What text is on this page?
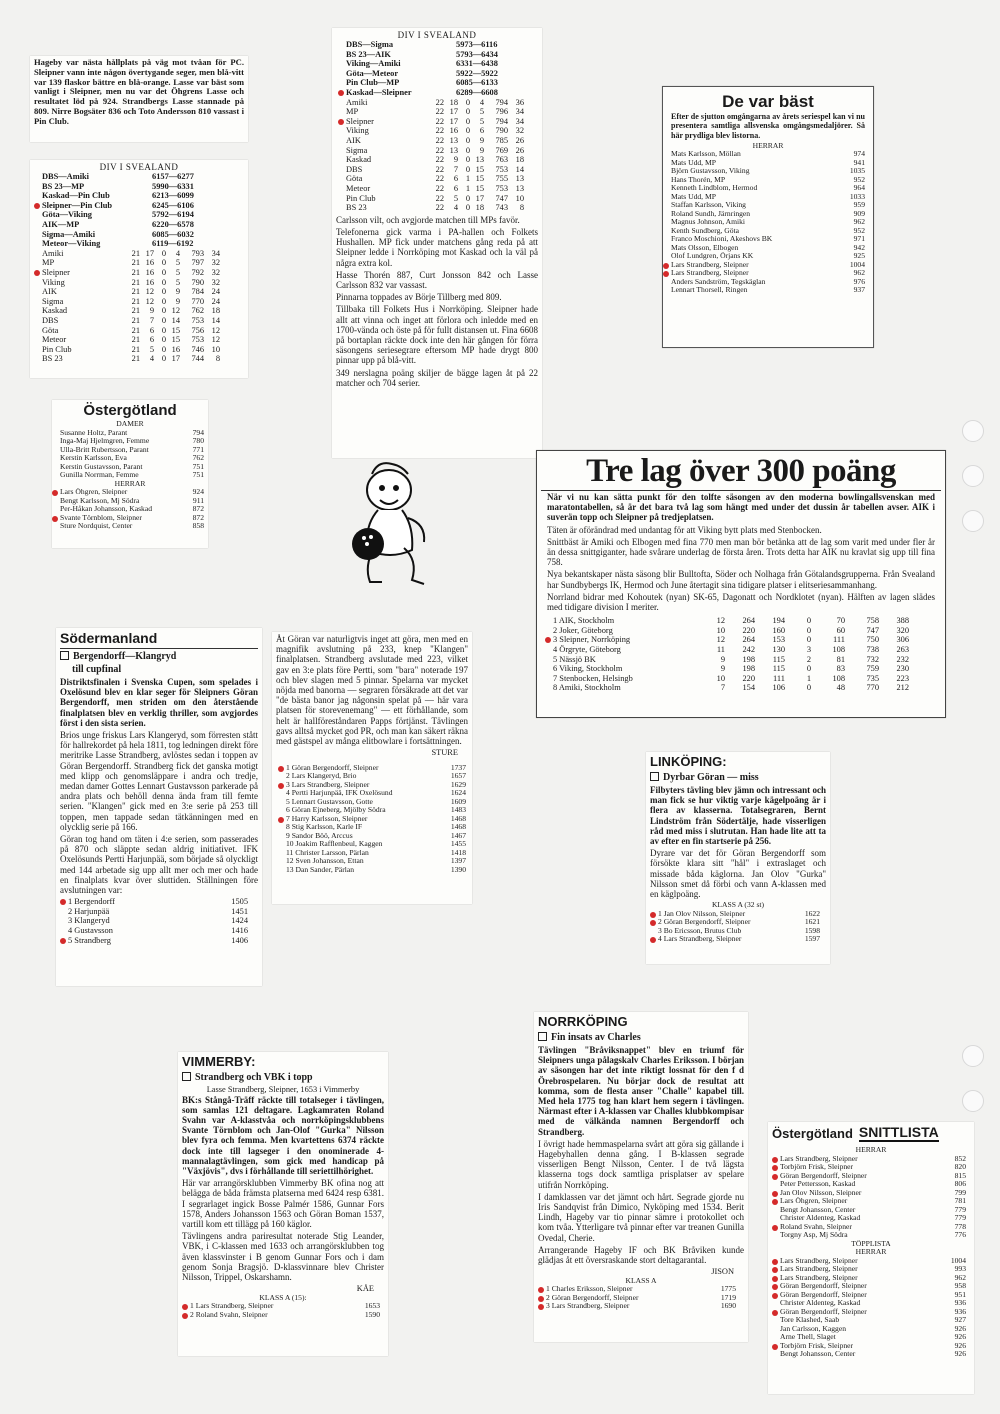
Hageby var nästa hållplats på väg mot tvåan för PC. Sleipner vann inte någon övertygande seger, men blå-vitt var 139 flaskor bättre en blå-orange. Lasse var bäst som vanligt i Sleipner, men nu var det Öhgrens Lasse och resultatet löd på 924. Strandbergs Lasse stannade på 809. Nirre Bogsäter 836 och Toto Andersson 810 vassast i Pin Club.

DIV I SVEALAND
DBS—Amiki	6157—6277
BS 23—MP	5990—6331
Kaskad—Pin Club	6213—6099
Sleipner—Pin Club	6245—6106
Göta—Viking	5792—6194
AIK—MP	6220—6578
Sigma—Amiki	6085—6032
Meteor—Viking	6119—6192
Amiki	21 17 0	4	793 34
MP	21 16 0	5	797 32
Sleipner	21 16 0	5	792 32
Viking	21 16 0	5	790 32
AIK	21 12 0	9	784 24
Sigma	21 12 0	9	770 24
Kaskad	21	9 0 12	762 18
DBS	21	7 0 14	753 14
Göta	21	6 0 15	756 12
Meteor	21	6 0 15	753 12
Pin Club	21	5 0 16	746 10
BS 23	21	4 0 17	744	8
DIV I SVEALAND
DBS—Sigma	5973—6116
BS 23—AIK	5793—6434
Viking—Amiki	6331—6438
Göta—Meteor	5922—5922
Pin Club—MP	6085—6133
Kaskad—Sleipner	6289—6608
Amiki	22 18 0	4	794 36
MP	22 17 0	5	796 34
Sleipner	22 17 0	5	794 34
Viking	22 16 0	6	790 32
AIK	22 13 0	9	785 26
Sigma	22 13 0	9	769 26
Kaskad	22	9 0 13	763 18
DBS	22	7 0 15	753 14
Göta	22	6 1 15	755 13
Meteor	22	6 1 15	753 13
Pin Club	22	5 0 17	747 10
BS 23	22	4 0 18	743	8

Carlsson vilt, och avgjorde matchen till MPs favör.

Telefonerna gick varma i PA-hallen och Folkets Hushallen. MP fick under matchens gång reda på att Sleipner ledde i Norrköping mot Kaskad och la väl på några extra kol.

Hasse Thorén 887, Curt Jonsson 842 och Lasse Carlsson 832 var vassast.

Pinnarna toppades av Börje Tillberg med 809.

Tillbaka till Folkets Hus i Norrköping. Sleipner hade allt att vinna och inget att förlora och inledde med en 1700-vända och öste på för fullt distansen ut. Fina 6608 på bortaplan räckte dock inte den här gången för förra säsongens seriesegrare eftersom MP hade drygt 800 pinnar upp på blå-vitt.

349 nerslagna poäng skiljer de bägge lagen åt på 22 matcher och 704 serier.

De var bäst

Efter de sjutton omgångarna av årets seriespel kan vi nu presentera samtliga allsvenska omgångsmedaljörer. Så här prydliga blev listorna.

HERRAR
Mats Karlsson, Möllan	974
Mats Udd, MP	941
Björn Gustavsson, Viking	1035
Hans Thorén, MP	952
Kenneth Lindblom, Hermod	964
Mats Udd, MP	1033
Staffan Karlsson, Viking	959
Roland Sundh, Järnringen	909
Magnus Johnson, Amiki	962
Kenth Sundberg, Göta	952
Franco Moschioni, Akeshovs BK	971
Mats Olsson, Elbogen	942
Olof Lundgren, Örjans KK	925
Lars Strandberg, Sleipner	1004
Lars Strandberg, Sleipner	962
Anders Sandström, Tegskäglan	976
Lennart Thorsell, Ringen	937
Östergötland
DAMER
Susanne Holtz, Parant	794
Inga-Maj Hjelmgren, Femme	780
Ulla-Britt Rubertsson, Parant	771
Kerstin Karlsson, Eva	762
Kerstin Gustavsson, Parant	751
Gunilla Norrman, Femme	751
HERRAR
Lars Öhgren, Sleipner	924
Bengt Karlsson, Mj Södra	911
Per-Håkan Johansson, Kaskad	872
Svante Törnblom, Sleipner	872
Sture Nordquist, Center	858
Tre lag över 300 poäng

När vi nu kan sätta punkt för den tolfte säsongen av den moderna bowlingallsvenskan med maratontabellen, så är det bara två lag som hängt med under det dussin år tabellen avser. AIK i suverän topp och Sleipner på tredjeplatsen.

Täten är oförändrad med undantag för att Viking bytt plats med Stenbocken.

Snittbäst är Amiki och Elbogen med fina 770 men man bör betänka att de lag som varit med under fler år än dessa snittgiganter, hade svårare underlag de första åren. Trots detta har AIK nu kravlat sig upp till fina 758.

Nya bekantskaper nästa säsong blir Bulltofta, Söder och Nolhaga från Götalandsgrupperna. Från Svealand har Sundbybergs IK, Hermod och June återtagit sina tidigare platser i elitseriesammanhang.

Norrland bidrar med Kohoutek (nyan) SK-65, Dagonatt och Nordklotet (nyan). Hälften av lagen slädes med tidigare division I meriter.

1 AIK, Stockholm	12	264	194	0	70	758	388
2 Joker, Göteborg	10	220	160	0	60	747	320
3 Sleipner, Norrköping	12	264	153	0	111	750	306
4 Örgryte, Göteborg	11	242	130	3	108	738	263
5 Nässjö BK	9	198	115	2	81	732	232
6 Viking, Stockholm	9	198	115	0	83	759	230
7 Stenbocken, Helsingb	10	220	111	1	108	735	223
8 Amiki, Stockholm	7	154	106	0	48	770	212
Södermanland
Bergendorff—Klangryd
till cupfinal

Distriktsfinalen i Svenska Cupen, som spelades i Oxelösund blev en klar seger för Sleipners Göran Bergendorff, men striden om den återstående finalplatsen blev en verklig thriller, som avgjordes först i den sista serien.

Brios unge friskus Lars Klangeryd, som förresten stått för hallrekordet på hela 1811, tog ledningen direkt före meritrike Lasse Strandberg, avlöstes sedan i toppen av Göran Bergendorff. Strandberg fick det ganska motigt med klipp och genomsläppare i andra och tredje, medan damer Gottes Lennart Gustavsson parkerade på andra plats och behöll denna ända fram till femte serien. "Klangen" gick med en 3:e serie på 253 till toppen, men tappade sedan tätkänningen med en olycklig serie på 166.

Göran tog hand om täten i 4:e serien, som passerades på 870 och släppte sedan aldrig initiativet. IFK Oxelösunds Pertti Harjunpää, som började så olyckligt med 144 arbetade sig upp allt mer och mer och hade en finalplats kvar över sluttiden. Ställningen före avslutningen var:

1 Bergendorff	1505
2 Harjunpää	1451
3 Klangeryd	1424
4 Gustavsson	1416
5 Strandberg	1406

Åt Göran var naturligtvis inget att göra, men med en magnifik avslutning på 233, knep "Klangen" finalplatsen. Strandberg avslutade med 223, vilket gav en 3:e plats före Pertti, som "bara" noterade 197 och blev slagen med 5 pinnar. Spelarna var mycket nöjda med banorna — segraren försäkrade att det var "de bästa banor jag någonsin spelat på — här vara platsen för storevenemang" — ett förhållande, som helt är hallföreståndaren Papps förtjänst. Tävlingen gavs alltså mycket god PR, och man kan säkert räkna med gästspel av många elitbowlare i fortsättningen.

STURE
1 Göran Bergendorff, Sleipner	1737
2 Lars Klangeryd, Brio	1657
3 Lars Strandberg, Sleipner	1629
4 Pertti Harjunpää, IFK Oxelösund	1624
5 Lennart Gustavsson, Gotte	1609
6 Göran Ejneberg, Mjölby Södra	1483
7 Harry Karlsson, Sleipner	1468
8 Stig Karlsson, Karle IF	1468
9 Sandor Böö, Arccus	1467
10 Joakim Rafflenbeul, Kaggen	1455
11 Christer Larsson, Pärlan	1418
12 Sven Johansson, Ettan	1397
13 Dan Sander, Pärlan	1390
LINKÖPING:
Dyrbar Göran — miss

Filbyters tävling blev jämn och intressant och man fick se hur viktig varje kägelpoäng är i flera av klasserna. Totalsegraren, Bernt Lindström från Södertälje, hade visserligen råd med miss i slutrutan. Han hade lite att ta av efter en fin startserie på 256.

Dyrare var det för Göran Bergendorff som försökte klara sitt "hål" i extraslaget och missade båda käglorna. Jan Olov "Gurka" Nilsson smet då förbi och vann A-klassen med en käglpoäng.

KLASS A (32 st)
1 Jan Olov Nilsson, Sleipner	1622
2 Göran Bergendorff, Sleipner	1621
3 Bo Ericsson, Brutus Club	1598
4 Lars Strandberg, Sleipner	1597
VIMMERBY:
Strandberg och VBK i topp
Lasse Strandberg, Sleipner, 1653 i Vimmerby

BK:s Stångå-Träff räckte till totalseger i tävlingen, som samlas 121 deltagare. Lagkamraten Roland Svahn var A-klasstvåa och norrköpingsklubbens Svante Törnblom och Jan-Olof "Gurka" Nilsson blev fyra och femma. Men kvartettens 6374 räckte dock inte till lagseger i den onominerade 4-mannalagtävlingen, som gick med handicap på "Växjövis", dvs i förhållande till seriettilhörighet.

Här var arrangörsklubben Vimmerby BK ofina nog att belägga de båda främsta platserna med 6424 resp 6381. I segrarlaget ingick Bosse Palmér 1586, Gunnar Fors 1578, Anders Johansson 1563 och Göran Boman 1537, vartill kom ett tillägg på 160 käglor.

Tävlingens andra pariresultat noterade Stig Leander, VBK, i C-klassen med 1633 och arrangörsklubben tog även klassvinster i B genom Gunnar Fors och i dam genom Sonja Bragsjö. D-klassvinnare blev Christer Nilsson, Trippel, Oskarshamn.

KÅE
KLASS A (15):
1 Lars Strandberg, Sleipner	1653
2 Roland Svahn, Sleipner	1590
NORRKÖPING
Fin insats av Charles

Tävlingen "Bråviksnappet" blev en triumf för Sleipners unga pålagskalv Charles Eriksson. I början av säsongen har det inte riktigt lossnat för den f d Örebrospelaren. Nu börjar dock de resultat att komma, som de flesta anser "Challe" kapabel till. Med hela 1775 tog han klart hem segern i tävlingen. Närmast efter i A-klassen var Challes klubbkompisar med de välkända namnen Bergendorff och Strandberg.

I övrigt hade hemmaspelarna svårt att göra sig gällande i Hagebyhallen denna gång. I B-klassen segrade visserligen Bengt Nilsson, Center. I de två lägsta klasserna togs dock samtliga prisplatser av spelare utifrån Norrköping.

I damklassen var det jämnt och hårt. Segrade gjorde nu Iris Sandqvist från Dimico, Nyköping med 1534. Berit Lindh, Hageby var tio pinnar sämre i protokollet och kom tvåa. Ytterligare två pinnar efter var treanen Gunilla Ovedal, Cherie.

Arrangerande Hageby IF och BK Bråviken kunde glädjas åt ett översraskande stort deltagarantal.

JISON
KLASS A
1 Charles Eriksson, Sleipner	1775
2 Göran Bergendorff, Sleipner	1719
3 Lars Strandberg, Sleipner	1690
Östergötland SNITTLISTA
HERRAR
Lars Strandberg, Sleipner	852
Torbjörn Frisk, Sleipner	820
Göran Bergendorff, Sleipner	815
Peter Pettersson, Kaskad	806
Jan Olov Nilsson, Sleipner	799
Lars Öhgren, Sleipner	781
Bengt Johansson, Center	779
Christer Aldenteg, Kaskad	779
Roland Svahn, Sleipner	778
Torgny Asp, Mj Södra	776
TÖPPLISTA
HERRAR
Lars Strandberg, Sleipner	1004
Lars Strandberg, Sleipner	993
Lars Strandberg, Sleipner	962
Göran Bergendorff, Sleipner	958
Göran Bergendorff, Sleipner	951
Christer Aldenteg, Kaskad	936
Göran Bergendorff, Sleipner	936
Tore Klashed, Saab	927
Jan Carlsson, Kaggen	926
Arne Thell, Slaget	926
Torbjörn Frisk, Sleipner	926
Bengt Johansson, Center	926
